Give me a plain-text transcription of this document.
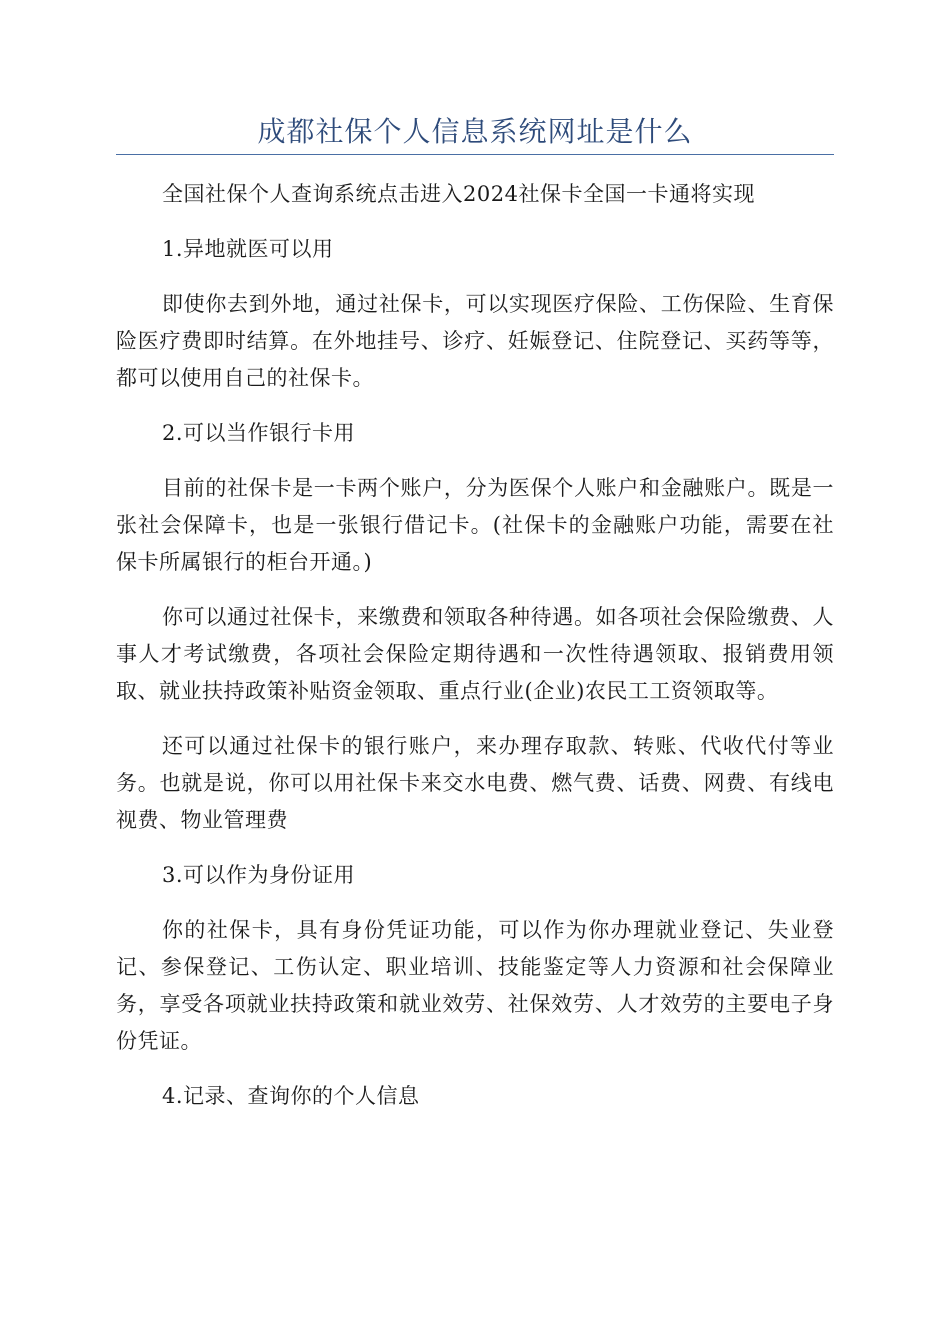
成都社保个人信息系统网址是什么

全国社保个人查询系统点击进入2024社保卡全国一卡通将实现

1.异地就医可以用

即使你去到外地，通过社保卡，可以实现医疗保险、工伤保险、生育保险医疗费即时结算。在外地挂号、诊疗、妊娠登记、住院登记、买药等等，都可以使用自己的社保卡。

2.可以当作银行卡用

目前的社保卡是一卡两个账户，分为医保个人账户和金融账户。既是一张社会保障卡，也是一张银行借记卡。(社保卡的金融账户功能，需要在社保卡所属银行的柜台开通。)

你可以通过社保卡，来缴费和领取各种待遇。如各项社会保险缴费、人事人才考试缴费，各项社会保险定期待遇和一次性待遇领取、报销费用领取、就业扶持政策补贴资金领取、重点行业(企业)农民工工资领取等。

还可以通过社保卡的银行账户，来办理存取款、转账、代收代付等业务。也就是说，你可以用社保卡来交水电费、燃气费、话费、网费、有线电视费、物业管理费

3.可以作为身份证用

你的社保卡，具有身份凭证功能，可以作为你办理就业登记、失业登记、参保登记、工伤认定、职业培训、技能鉴定等人力资源和社会保障业务，享受各项就业扶持政策和就业效劳、社保效劳、人才效劳的主要电子身份凭证。

4.记录、查询你的个人信息
